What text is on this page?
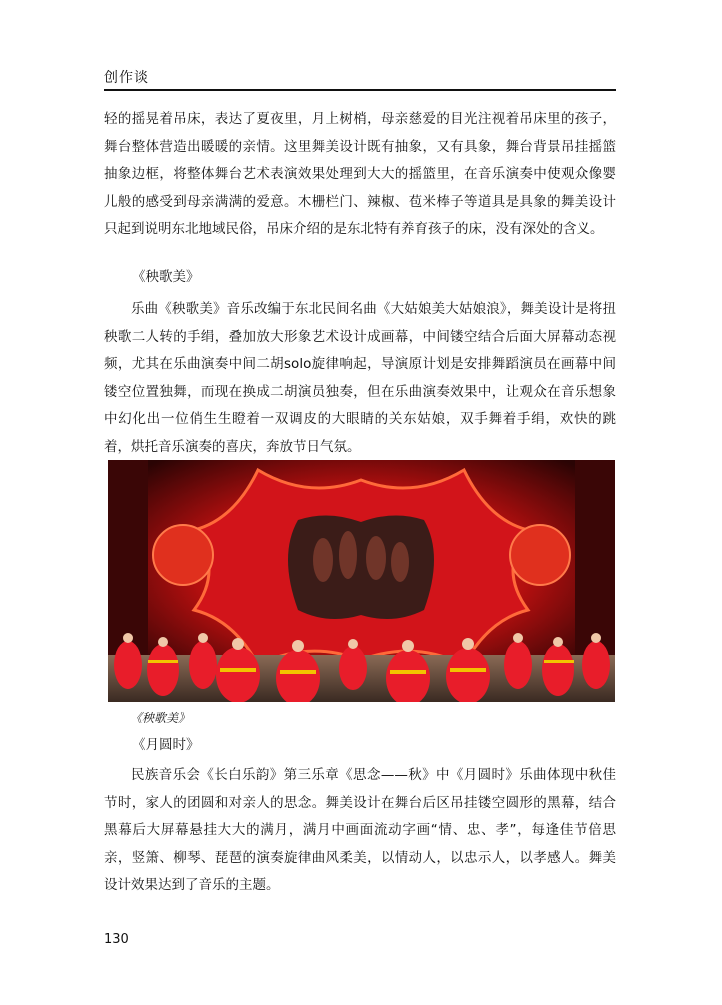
创作谈

轻的摇晃着吊床，表达了夏夜里，月上树梢，母亲慈爱的目光注视着吊床里的孩子，舞台整体营造出暖暖的亲情。这里舞美设计既有抽象，又有具象，舞台背景吊挂摇篮抽象边框，将整体舞台艺术表演效果处理到大大的摇篮里，在音乐演奏中使观众像婴儿般的感受到母亲满满的爱意。木栅栏门、辣椒、苞米棒子等道具是具象的舞美设计只起到说明东北地域民俗，吊床介绍的是东北特有养育孩子的床，没有深处的含义。

《秧歌美》

乐曲《秧歌美》音乐改编于东北民间名曲《大姑娘美大姑娘浪》，舞美设计是将扭秧歌二人转的手绢，叠加放大形象艺术设计成画幕，中间镂空结合后面大屏幕动态视频，尤其在乐曲演奏中间二胡solo旋律响起，导演原计划是安排舞蹈演员在画幕中间镂空位置独舞，而现在换成二胡演员独奏，但在乐曲演奏效果中，让观众在音乐想象中幻化出一位俏生生瞪着一双调皮的大眼睛的关东姑娘，双手舞着手绢，欢快的跳着，烘托音乐演奏的喜庆，奔放节日气氛。

《秧歌美》
《月圆时》

民族音乐会《长白乐韵》第三乐章《思念——秋》中《月圆时》乐曲体现中秋佳节时，家人的团圆和对亲人的思念。舞美设计在舞台后区吊挂镂空圆形的黑幕，结合黑幕后大屏幕悬挂大大的满月，满月中画面流动字画“情、忠、孝”，每逢佳节倍思亲，竖箫、柳琴、琵琶的演奏旋律曲风柔美，以情动人，以忠示人，以孝感人。舞美设计效果达到了音乐的主题。

130
